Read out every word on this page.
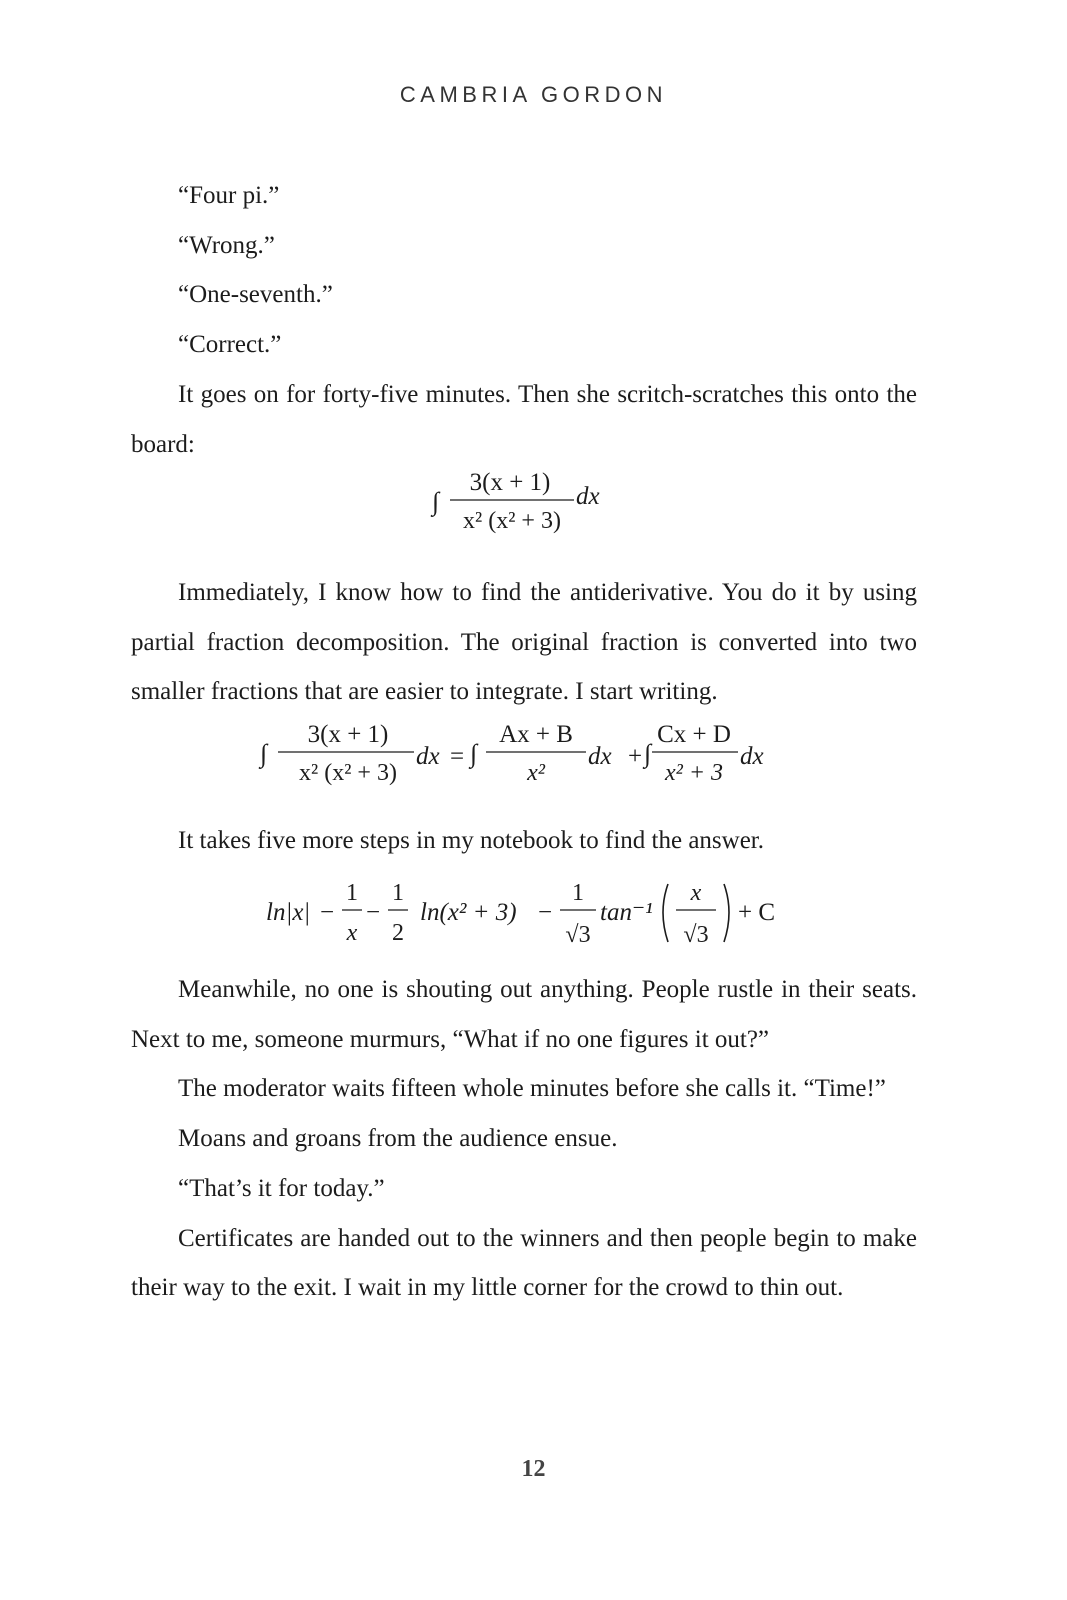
CAMBRIA GORDON

“Four pi.”

“Wrong.”

“One-seventh.”

“Correct.”

It goes on for forty-five minutes. Then she scritch-scratches this onto the board:

∫
3(x + 1)
x² (x² + 3)
dx

Immediately, I know how to find the antiderivative. You do it by using partial fraction decomposition. The original fraction is converted into two smaller fractions that are easier to integrate. I start writing.

∫
3(x + 1)
x² (x² + 3)
dx = ∫
Ax + B
x²
dx + ∫
Cx + D
x² + 3
dx

It takes five more steps in my notebook to find the answer.

ln|x| −
1
x
−
1
2
ln(x² + 3) −
1
√3
tan⁻¹
x
√3
+ C

Meanwhile, no one is shouting out anything. People rustle in their seats. Next to me, someone murmurs, “What if no one figures it out?”

The moderator waits fifteen whole minutes before she calls it. “Time!”

Moans and groans from the audience ensue.

“That’s it for today.”

Certificates are handed out to the winners and then people begin to make their way to the exit. I wait in my little corner for the crowd to thin out.

12
